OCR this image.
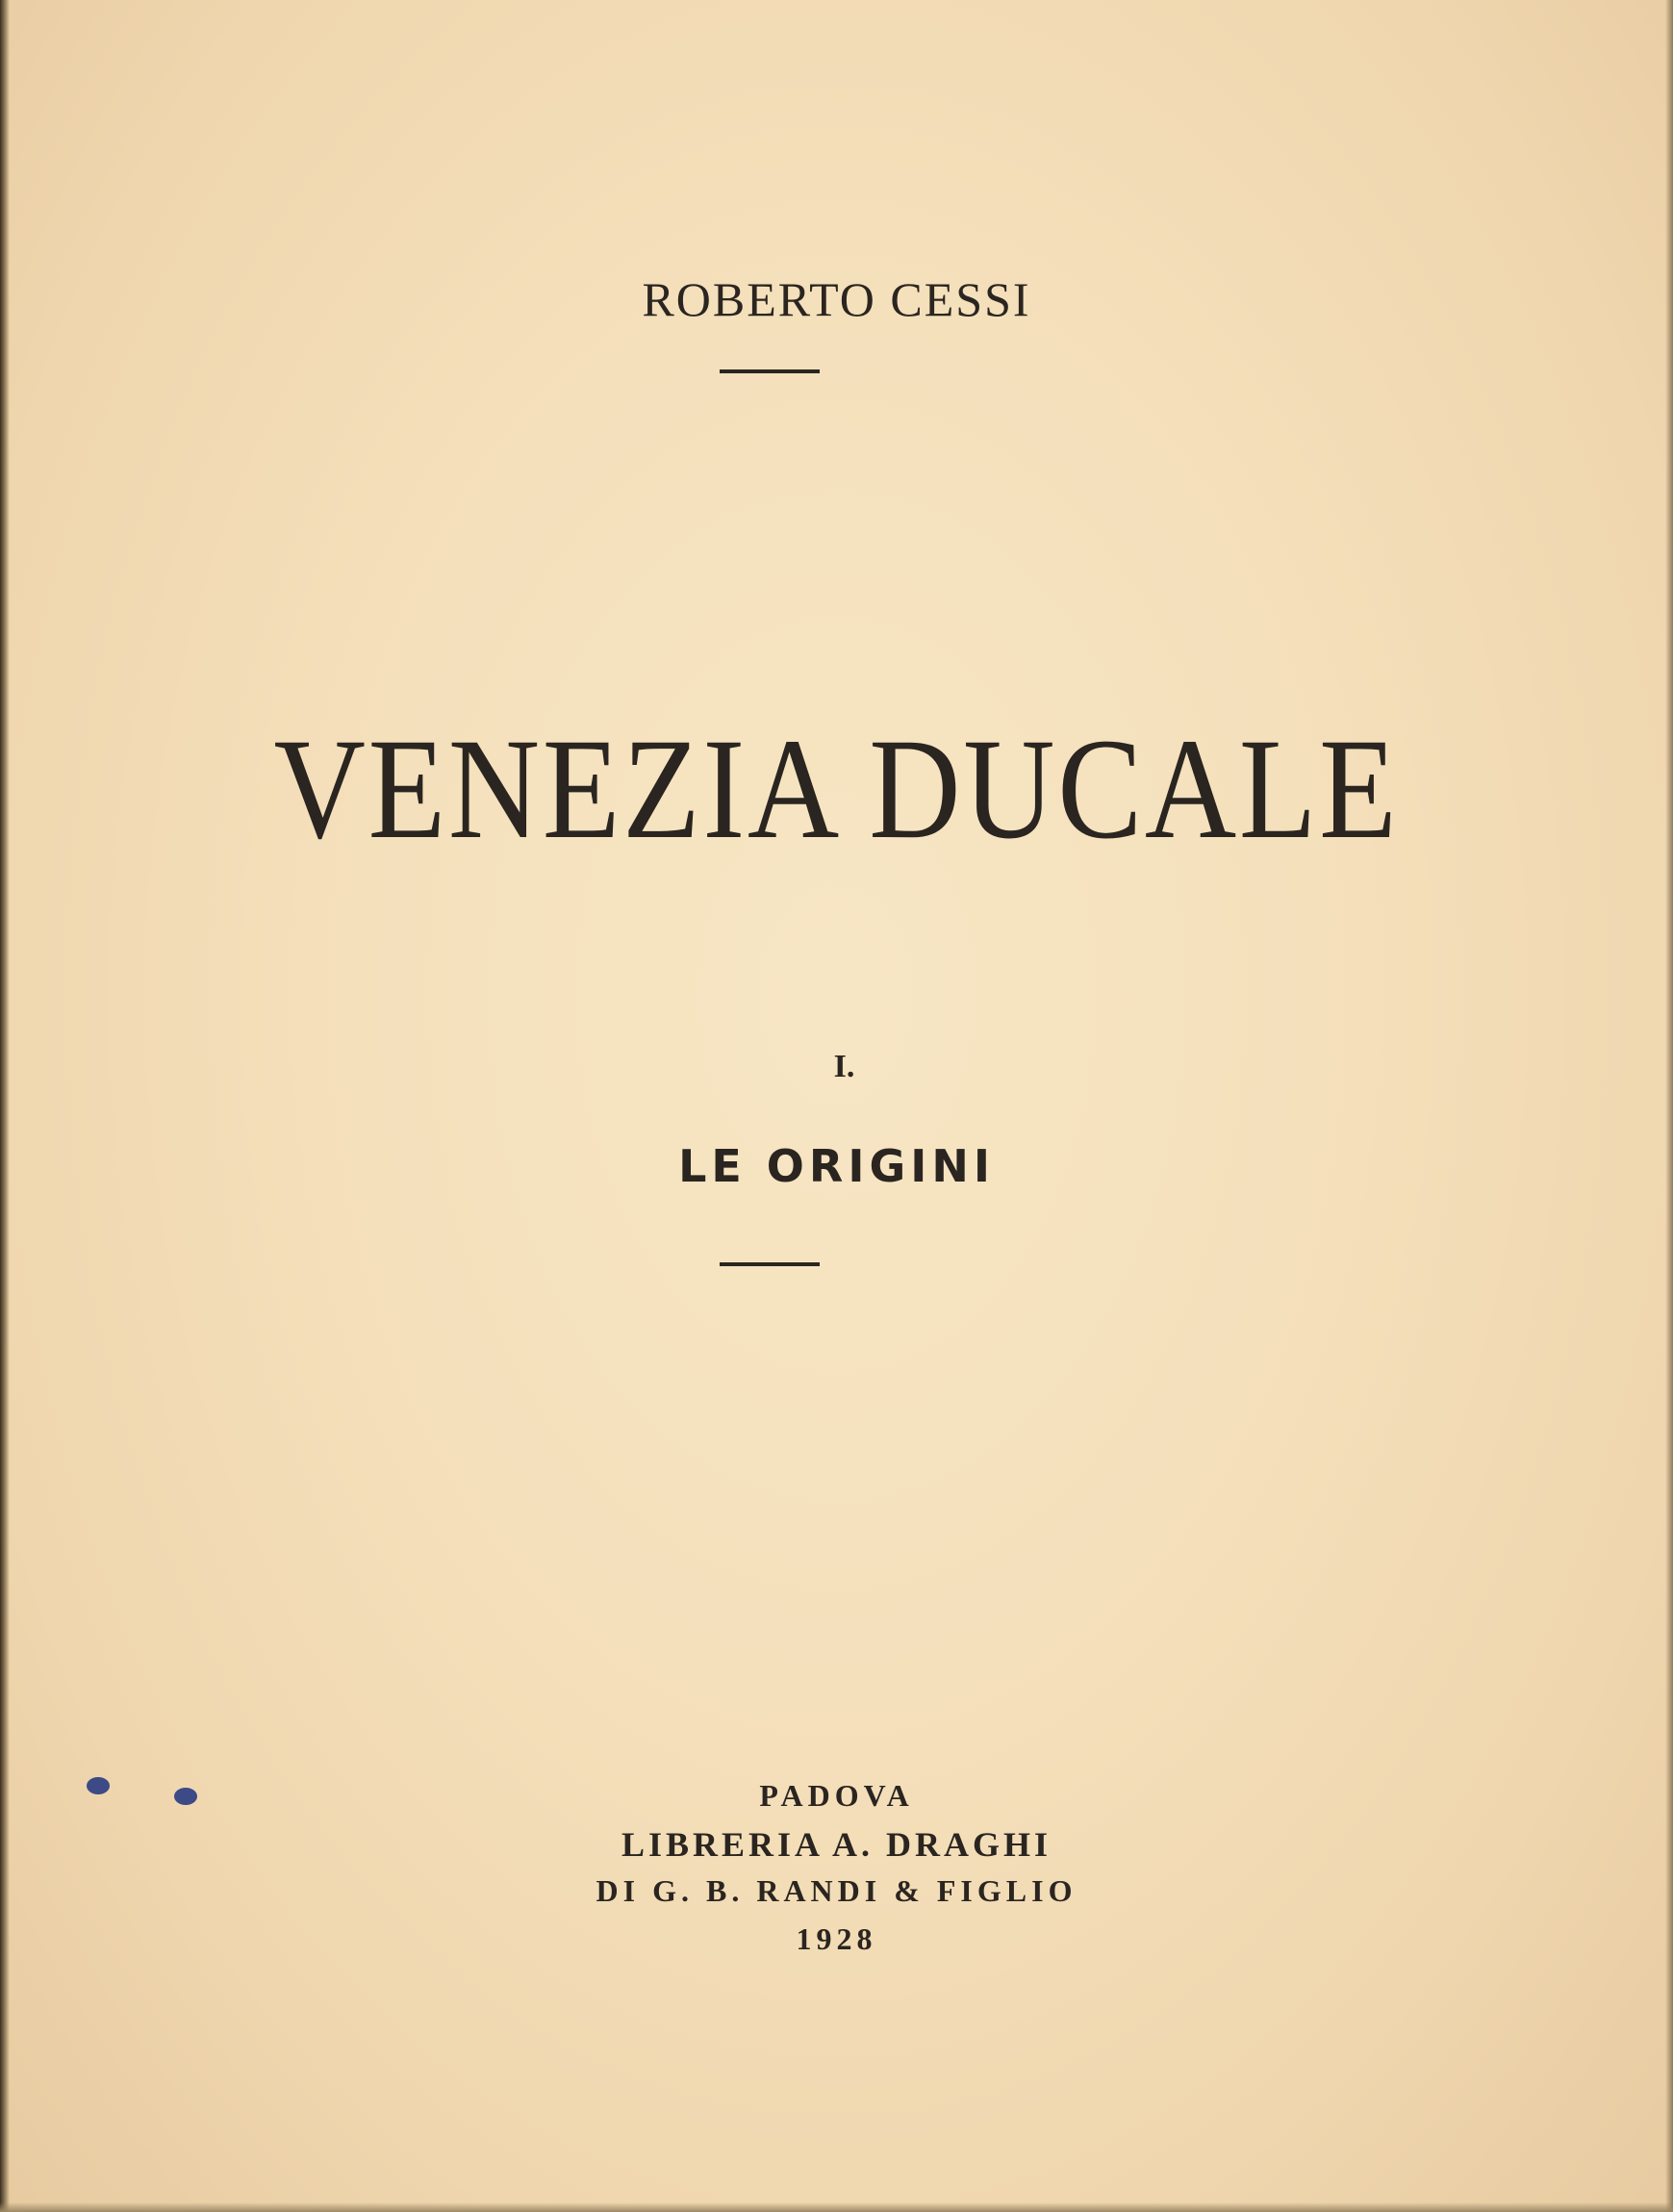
ROBERTO CESSI
VENEZIA DUCALE
I.
LE ORIGINI
PADOVA
LIBRERIA A. DRAGHI
DI G. B. RANDI & FIGLIO
1928
